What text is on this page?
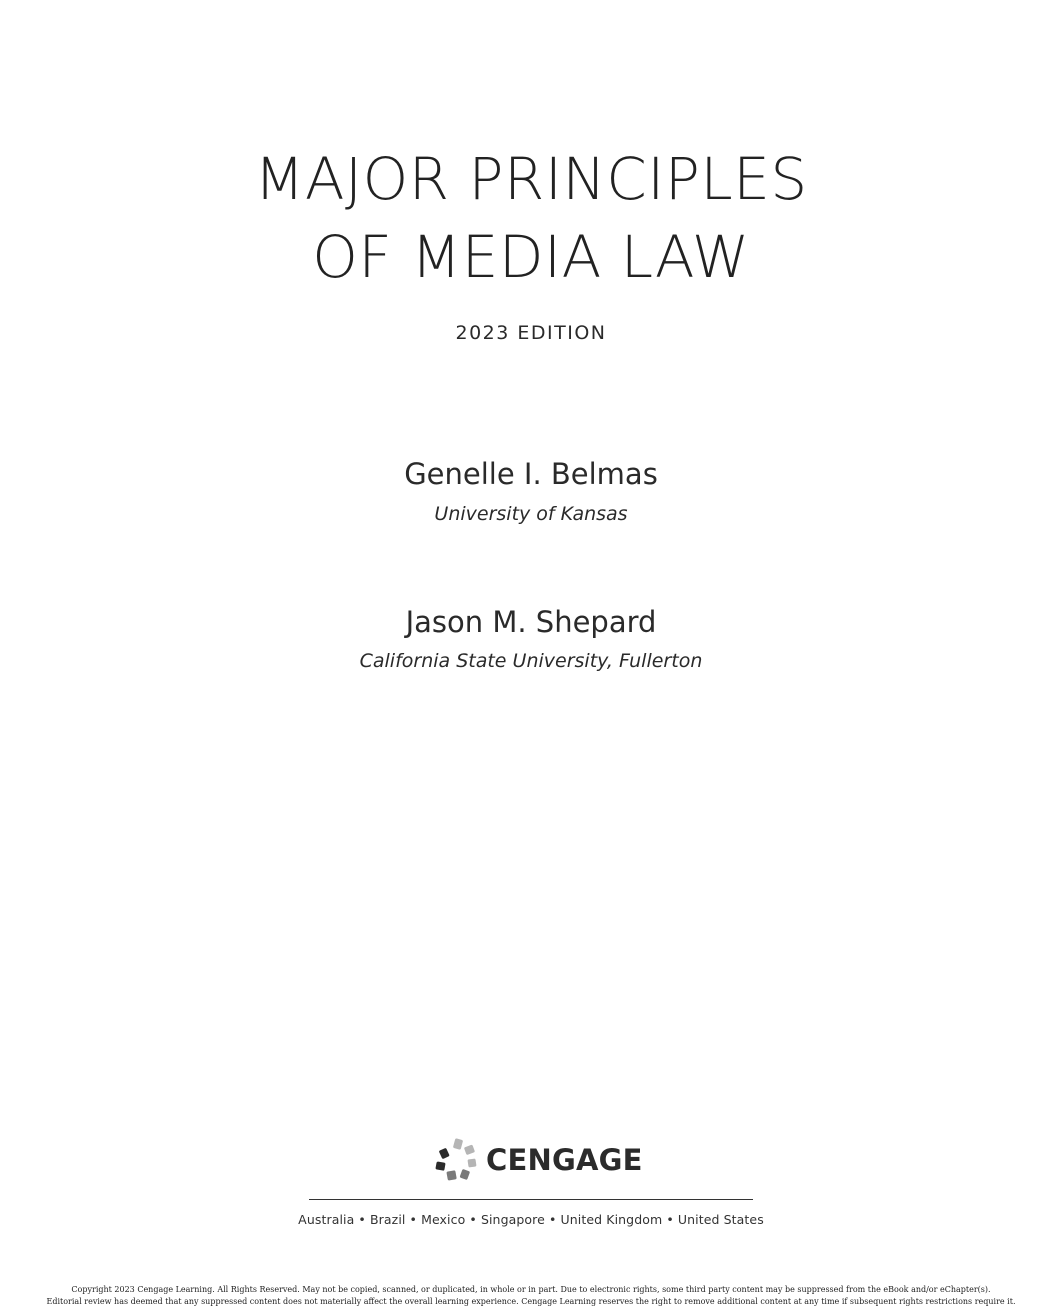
MAJOR PRINCIPLES
OF MEDIA LAW
2023 EDITION
Genelle I. Belmas
University of Kansas
Jason M. Shepard
California State University, Fullerton
CENGAGE
Australia • Brazil • Mexico • Singapore • United Kingdom • United States
Copyright 2023 Cengage Learning. All Rights Reserved. May not be copied, scanned, or duplicated, in whole or in part. Due to electronic rights, some third party content may be suppressed from the eBook and/or eChapter(s).
Editorial review has deemed that any suppressed content does not materially affect the overall learning experience. Cengage Learning reserves the right to remove additional content at any time if subsequent rights restrictions require it.
